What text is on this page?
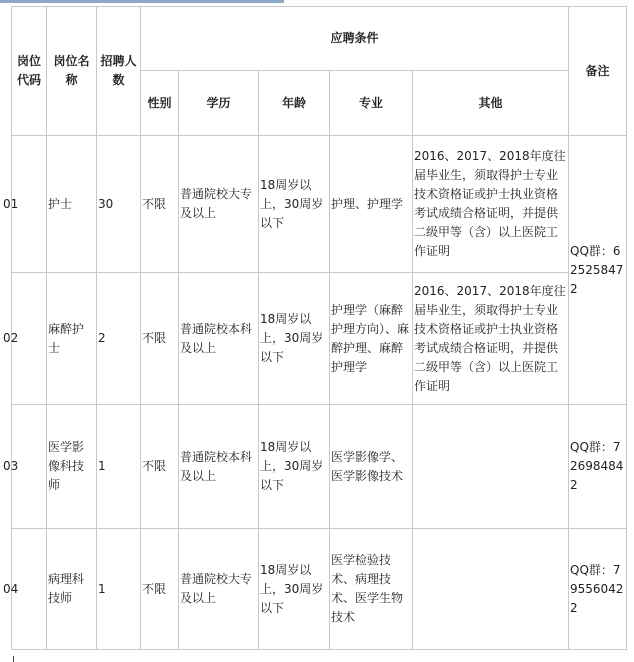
岗位代码	岗位名称	招聘人数	应聘条件					备注
			性别	学历	年龄	专业	其他	
01	护士	30	不限	普通院校大专及以上	18周岁以上，30周岁以下	护理、护理学	2016、2017、2018年度往届毕业生，须取得护士专业技术资格证或护士执业资格考试成绩合格证明，并提供二级甲等（含）以上医院工作证明	QQ群：625258472
02	麻醉护士	2	不限	普通院校本科及以上	18周岁以上，30周岁以下	护理学（麻醉护理方向）、麻醉护理、麻醉护理学	2016、2017、2018年度往届毕业生，须取得护士专业技术资格证或护士执业资格考试成绩合格证明，并提供二级甲等（含）以上医院工作证明	
03	医学影像科技师	1	不限	普通院校本科及以上	18周岁以上，30周岁以下	医学影像学、医学影像技术		QQ群：726984842
04	病理科技师	1	不限	普通院校大专及以上	18周岁以上，30周岁以下	医学检验技术、病理技术、医学生物技术		QQ群：795560422
